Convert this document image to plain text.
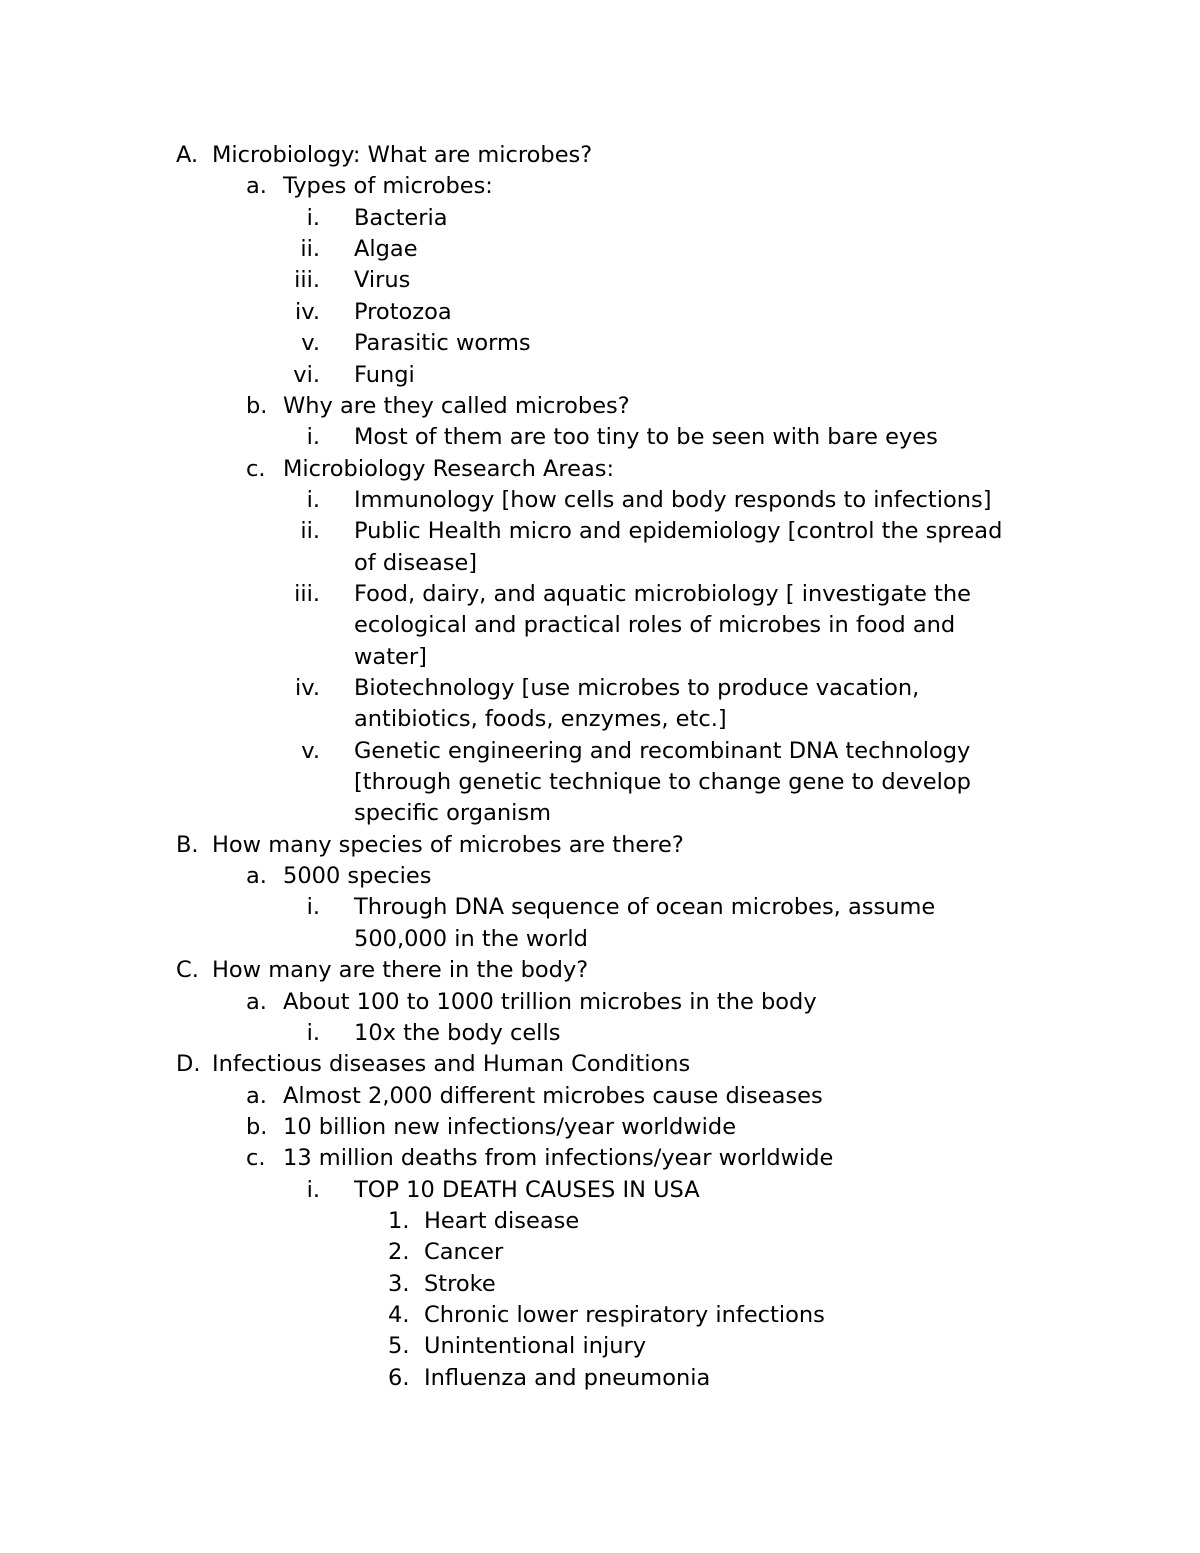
A. Microbiology: What are microbes?
a. Types of microbes:
i. Bacteria
ii. Algae
iii. Virus
iv. Protozoa
v. Parasitic worms
vi. Fungi
b. Why are they called microbes?
i. Most of them are too tiny to be seen with bare eyes
c. Microbiology Research Areas:
i. Immunology [how cells and body responds to infections]
ii. Public Health micro and epidemiology [control the spread
of disease]
iii. Food, dairy, and aquatic microbiology [ investigate the
ecological and practical roles of microbes in food and
water]
iv. Biotechnology [use microbes to produce vacation,
antibiotics, foods, enzymes, etc.]
v. Genetic engineering and recombinant DNA technology
[through genetic technique to change gene to develop
specific organism
B. How many species of microbes are there?
a. 5000 species
i. Through DNA sequence of ocean microbes, assume
500,000 in the world
C. How many are there in the body?
a. About 100 to 1000 trillion microbes in the body
i. 10x the body cells
D. Infectious diseases and Human Conditions
a. Almost 2,000 different microbes cause diseases
b. 10 billion new infections/year worldwide
c. 13 million deaths from infections/year worldwide
i. TOP 10 DEATH CAUSES IN USA
1. Heart disease
2. Cancer
3. Stroke
4. Chronic lower respiratory infections
5. Unintentional injury
6. Influenza and pneumonia
